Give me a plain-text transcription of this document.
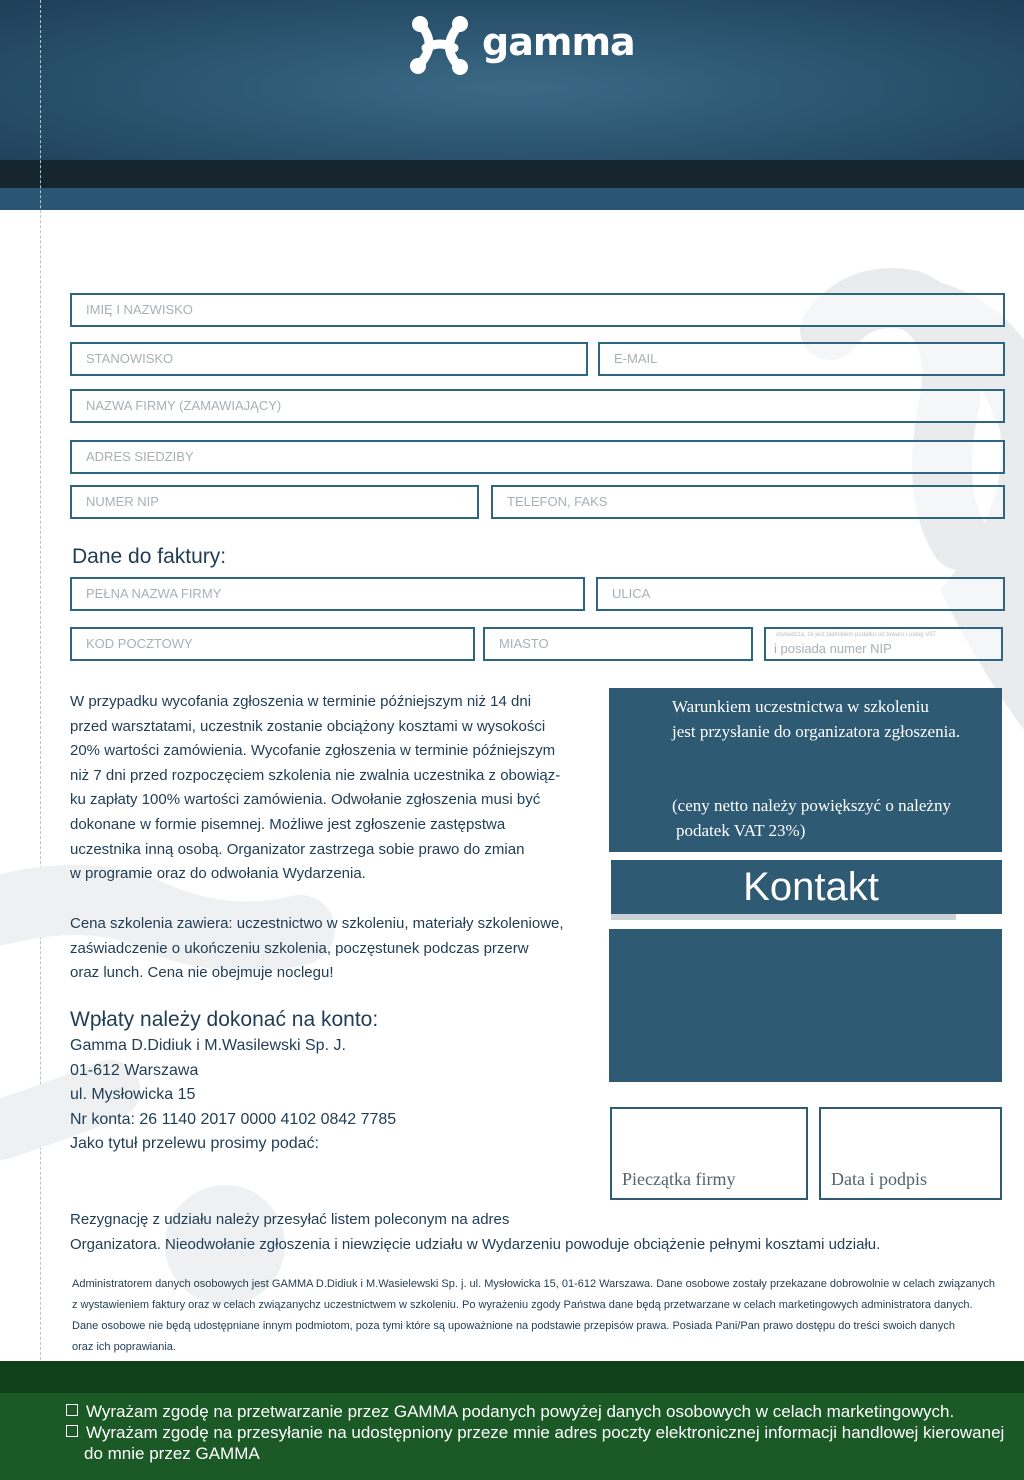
gamma
IMIĘ I NAZWISKO
STANOWISKO	E-MAIL
NAZWA FIRMY (ZAMAWIAJĄCY)
ADRES SIEDZIBY
NUMER NIP	TELEFON, FAKS
Dane do faktury:
PEŁNA NAZWA FIRMY	ULICA
KOD POCZTOWY	MIASTO
oświadcza, że jest płatnikiem podatku od towaru i usług VAT
i posiada numer NIP
W przypadku wycofania zgłoszenia w terminie późniejszym niż 14 dni
przed warsztatami, uczestnik zostanie obciążony kosztami w wysokości
20% wartości zamówienia. Wycofanie zgłoszenia w terminie późniejszym
niż 7 dni przed rozpoczęciem szkolenia nie zwalnia uczestnika z obowiąz-
ku zapłaty 100% wartości zamówienia. Odwołanie zgłoszenia musi być
dokonane w formie pisemnej. Możliwe jest zgłoszenie zastępstwa
uczestnika inną osobą. Organizator zastrzega sobie prawo do zmian
w programie oraz do odwołania Wydarzenia.
Cena szkolenia zawiera: uczestnictwo w szkoleniu, materiały szkoleniowe,
zaświadczenie o ukończeniu szkolenia, poczęstunek podczas przerw
oraz lunch. Cena nie obejmuje noclegu!
Wpłaty należy dokonać na konto:
Gamma D.Didiuk i M.Wasilewski Sp. J.
01-612 Warszawa
ul. Mysłowicka 15
Nr konta: 26 1140 2017 0000 4102 0842 7785
Jako tytuł przelewu prosimy podać:
Warunkiem uczestnictwa w szkoleniu
jest przysłanie do organizatora zgłoszenia.
(ceny netto należy powiększyć o należny
podatek VAT 23%)
Kontakt
Pieczątka firmy	Data i podpis
Rezygnację z udziału należy przesyłać listem poleconym na adres
Organizatora. Nieodwołanie zgłoszenia i niewzięcie udziału w Wydarzeniu powoduje obciążenie pełnymi kosztami udziału.
Administratorem danych osobowych jest GAMMA D.Didiuk i M.Wasielewski Sp. j. ul. Mysłowicka 15, 01-612 Warszawa. Dane osobowe zostały przekazane dobrowolnie w celach związanych
z wystawieniem faktury oraz w celach związanychz uczestnictwem w szkoleniu. Po wyrażeniu zgody Państwa dane będą przetwarzane w celach marketingowych administratora danych.
Dane osobowe nie będą udostępniane innym podmiotom, poza tymi które są upoważnione na podstawie przepisów prawa. Posiada Pani/Pan prawo dostępu do treści swoich danych
oraz ich poprawiania.
Wyrażam zgodę na przetwarzanie przez GAMMA podanych powyżej danych osobowych w celach marketingowych.
Wyrażam zgodę na przesyłanie na udostępniony przeze mnie adres poczty elektronicznej informacji handlowej kierowanej
do mnie przez GAMMA
